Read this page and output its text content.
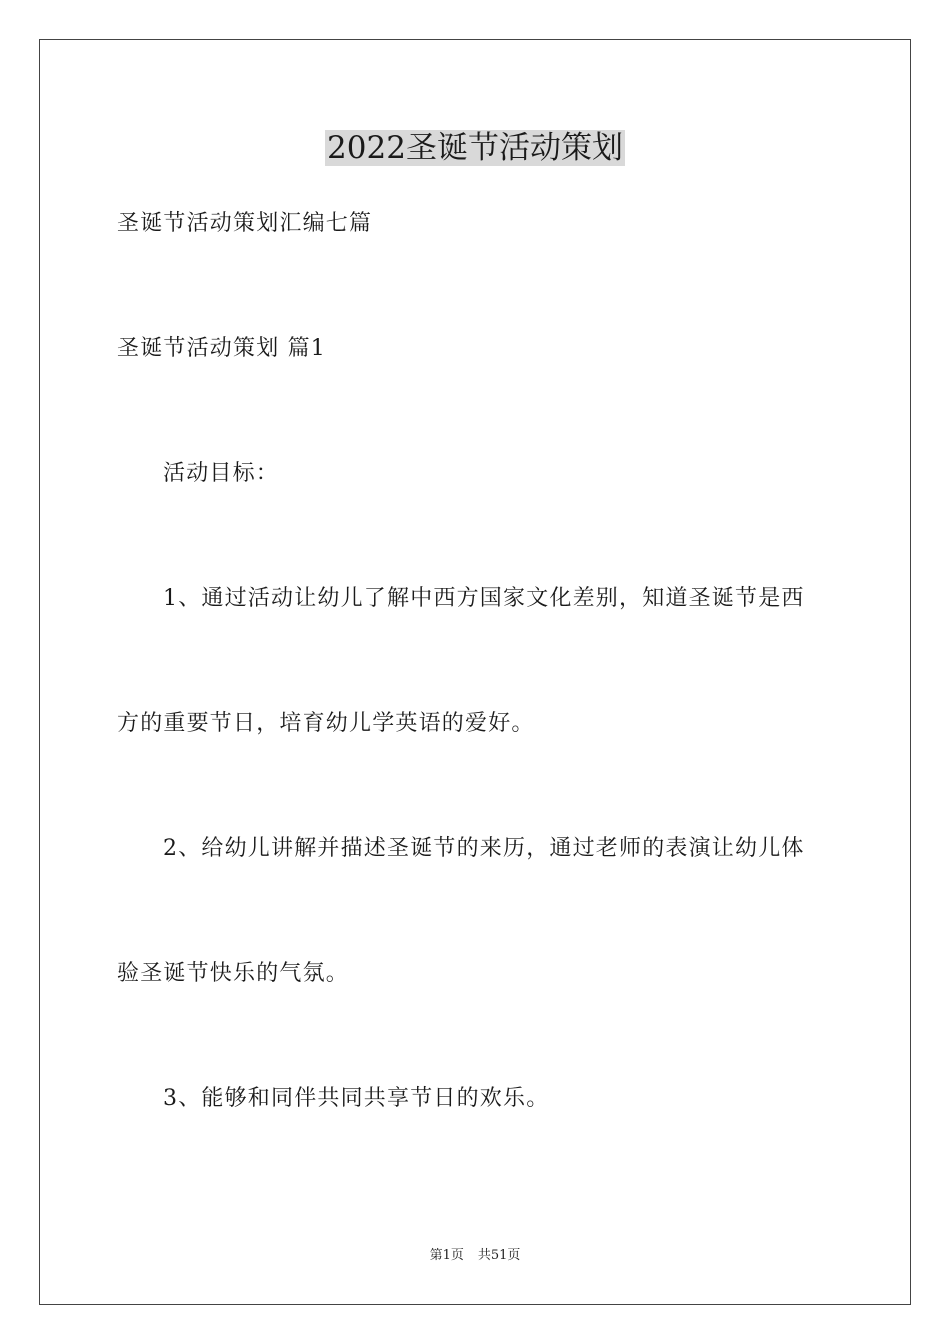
2022圣诞节活动策划
圣诞节活动策划汇编七篇
圣诞节活动策划 篇1
活动目标：
1、通过活动让幼儿了解中西方国家文化差别，知道圣诞节是西
方的重要节日，培育幼儿学英语的爱好。
2、给幼儿讲解并描述圣诞节的来历，通过老师的表演让幼儿体
验圣诞节快乐的气氛。
3、能够和同伴共同共享节日的欢乐。
第1页 共51页
